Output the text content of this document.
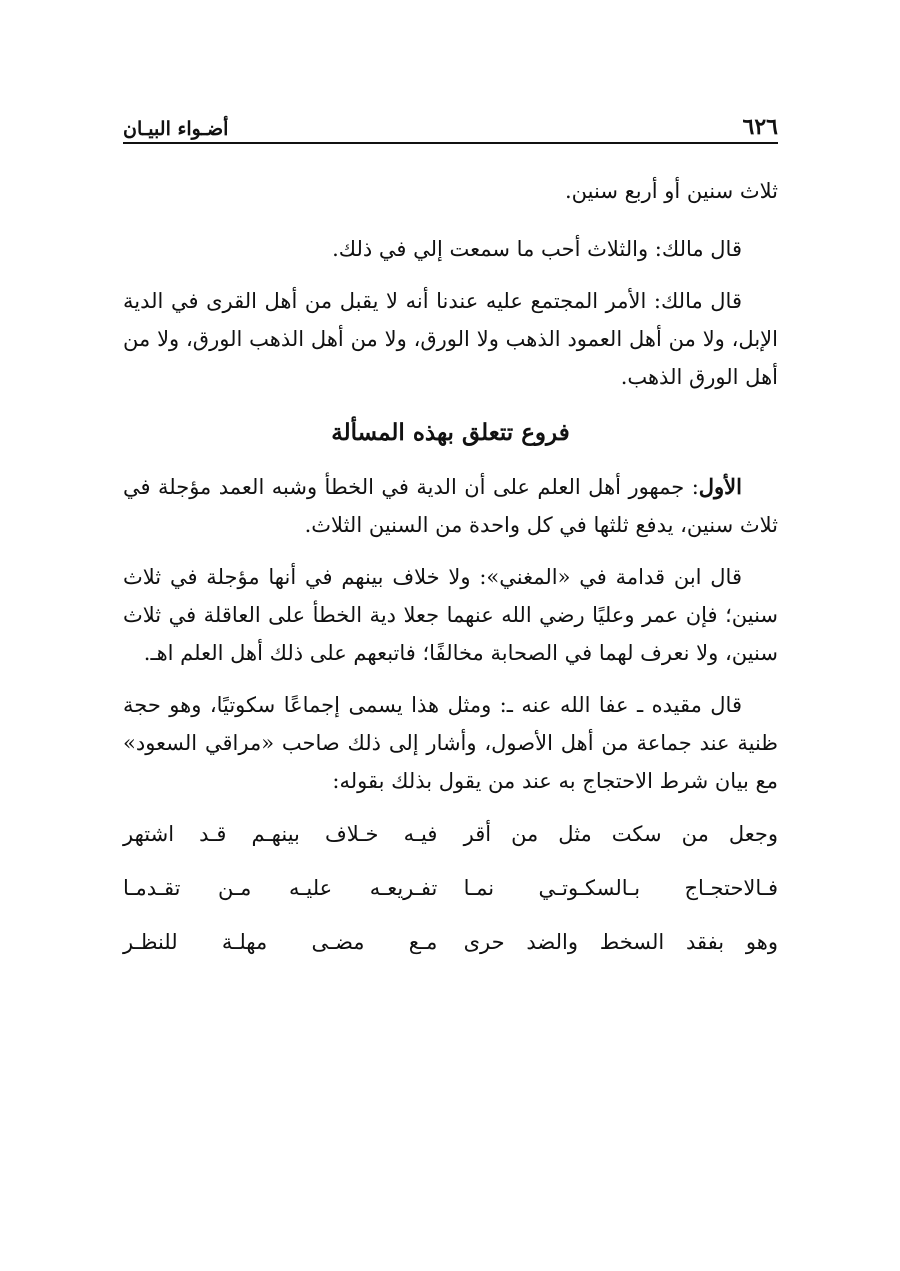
٦٢٦
أضـواء البيـان

ثلاث سنين أو أربع سنين.

قال مالك: والثلاث أحب ما سمعت إلي في ذلك.

قال مالك: الأمر المجتمع عليه عندنا أنه لا يقبل من أهل القرى في الدية الإبل، ولا من أهل العمود الذهب ولا الورق، ولا من أهل الذهب الورق، ولا من أهل الورق الذهب.

فروع تتعلق بهذه المسألة

الأول: جمهور أهل العلم على أن الدية في الخطأ وشبه العمد مؤجلة في ثلاث سنين، يدفع ثلثها في كل واحدة من السنين الثلاث.

قال ابن قدامة في «المغني»: ولا خلاف بينهم في أنها مؤجلة في ثلاث سنين؛ فإن عمر وعليًا رضي الله عنهما جعلا دية الخطأ على العاقلة في ثلاث سنين، ولا نعرف لهما في الصحابة مخالفًا؛ فاتبعهم على ذلك أهل العلم اهـ.

قال مقيده ـ عفا الله عنه ـ: ومثل هذا يسمى إجماعًا سكوتيًا، وهو حجة ظنية عند جماعة من أهل الأصول، وأشار إلى ذلك صاحب «مراقي السعود» مع بيان شرط الاحتجاج به عند من يقول بذلك بقوله:

وجعل من سكت مثل من أقر
فيـه خـلاف بينهـم قـد اشتهر
فـالاحتجـاج بـالسكـوتـي نمـا
تفـريعـه عليـه مـن تقـدمـا
وهو بفقد السخط والضد حرى
مـع مضـى مهلـة للنظـر
